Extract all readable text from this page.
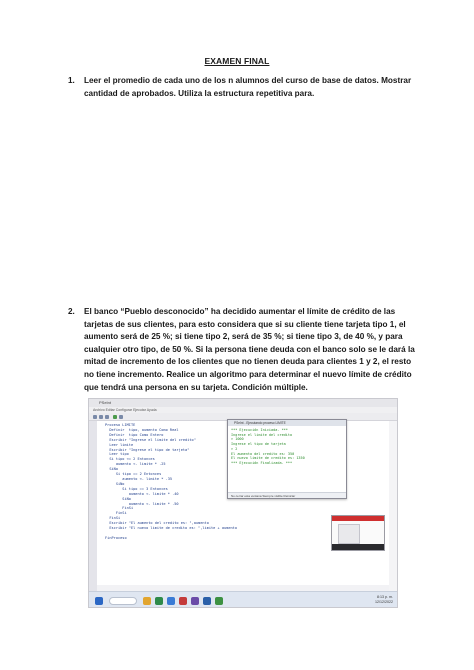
EXAMEN FINAL
1. Leer el promedio de cada uno de los n alumnos del curso de base de datos. Mostrar cantidad de aprobados. Utiliza la estructura repetitiva para.
2. El banco “Pueblo desconocido” ha decidido aumentar el límite de crédito de las tarjetas de sus clientes, para esto considera que si su cliente tiene tarjeta tipo 1, el aumento será de 25 %; si tiene tipo 2, será de 35 %; si tiene tipo 3, de 40 %, y para cualquier otro tipo, de 50 %. Si la persona tiene deuda con el banco solo se le dará la mitad de incremento de los clientes que no tienen deuda para clientes 1 y 2, el resto no tiene incremento. Realice un algoritmo para determinar el nuevo límite de crédito que tendrá una persona en su tarjeta. Condición múltiple.
PSeInt
Archivo Editar Configurar Ejecutar Ayuda
Proceso LIMITE
Definir  tipo, aumento Como Real
Definir  tipo Como Entero
Escribir "Ingrese el limite del credito"
Leer limite
Escribir "Ingrese el tipo de tarjeta"
Leer tipo
Si tipo <= 2 Entonces
aumento <- limite * .25
SiNo
Si tipo == 2 Entonces
aumento <- limite * .35
SiNo
Si tipo == 3 Entonces
aumento <- limite * .40
SiNo
aumento <- limite * .50
FinSi
FinSi
FinSi
Escribir "El aumento del credito es: ",aumento
Escribir "El nuevo limite de credito es: ",limite + aumento

FinProceso
PSeInt - Ejecutando proceso LIMITE
*** Ejecución Iniciada. ***
Ingrese el limite del credito
> 1000
Ingrese el tipo de tarjeta
> 2
El aumento del credito es: 350
El nuevo limite de credito es: 1350
*** Ejecución Finalizada. ***
No cerrar esta ventana Siempre visible Reiniciar
8:13 p. m.
12/12/2022
